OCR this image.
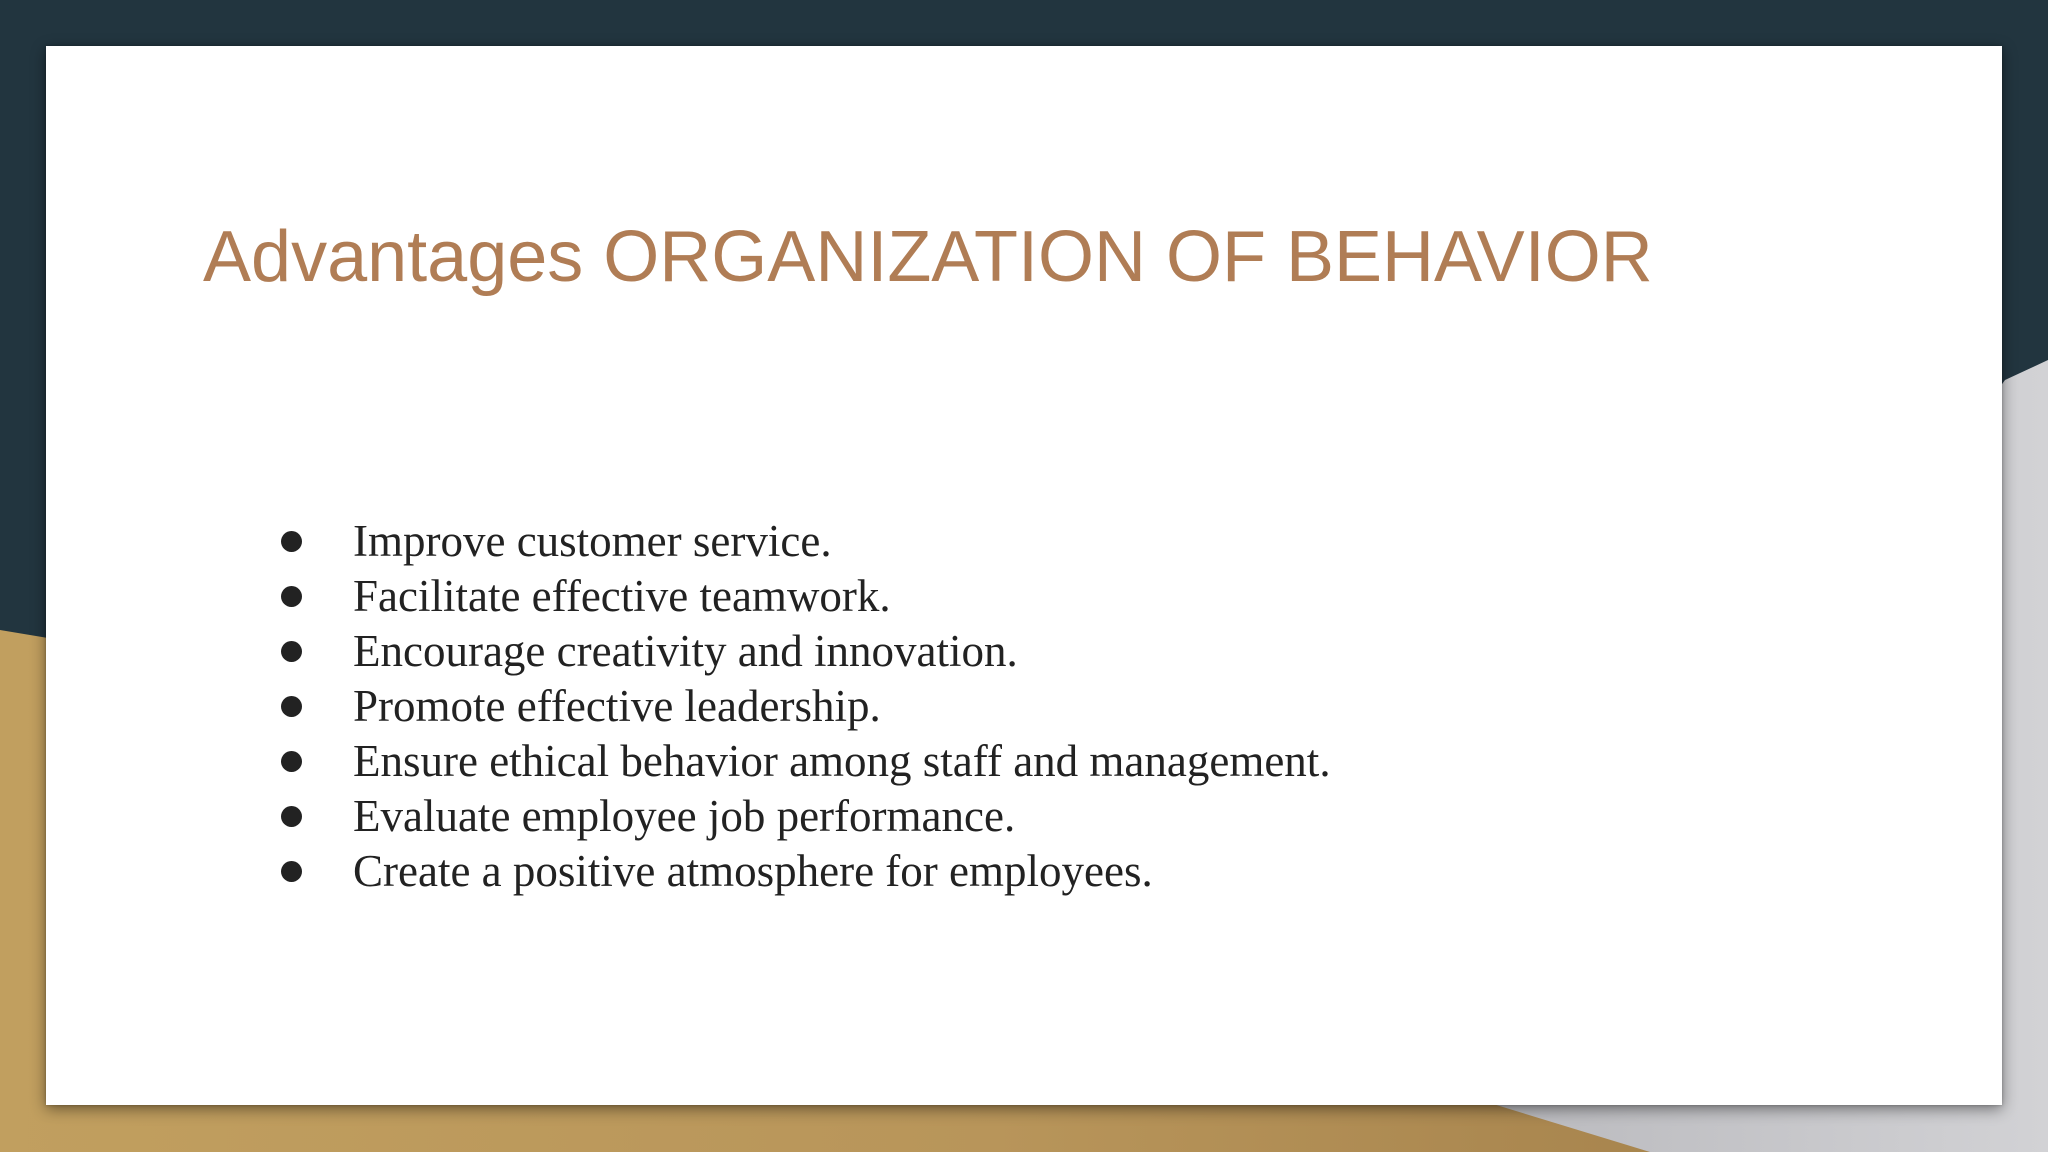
Advantages ORGANIZATION OF BEHAVIOR
Improve customer service.
Facilitate effective teamwork.
Encourage creativity and innovation.
Promote effective leadership.
Ensure ethical behavior among staff and management.
Evaluate employee job performance.
Create a positive atmosphere for employees.
